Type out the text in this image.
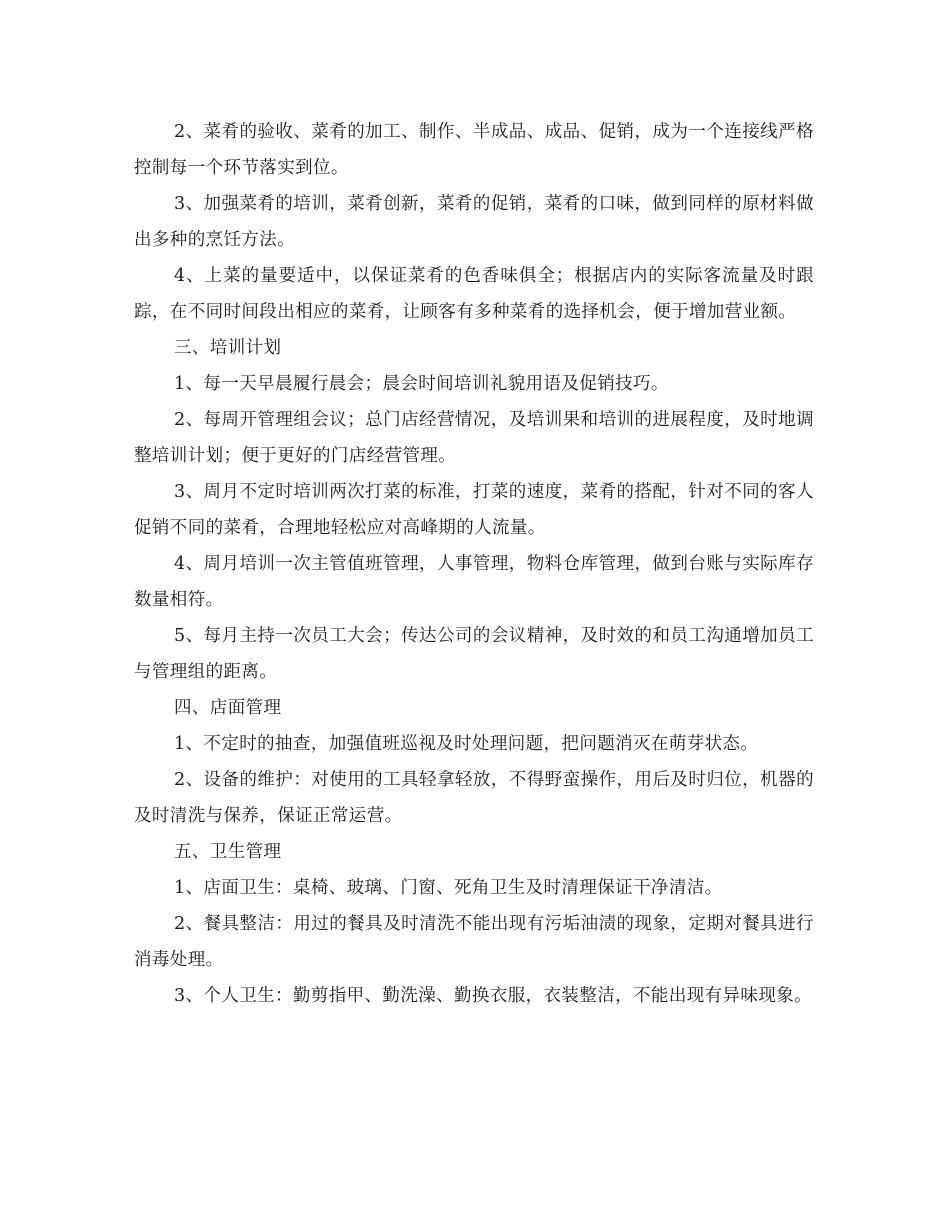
2、菜肴的验收、菜肴的加工、制作、半成品、成品、促销，成为一个连接线严格控制每一个环节落实到位。

3、加强菜肴的培训，菜肴创新，菜肴的促销，菜肴的口味，做到同样的原材料做出多种的烹饪方法。

4、上菜的量要适中，以保证菜肴的色香味俱全；根据店内的实际客流量及时跟踪，在不同时间段出相应的菜肴，让顾客有多种菜肴的选择机会，便于增加营业额。

三、培训计划

1、每一天早晨履行晨会；晨会时间培训礼貌用语及促销技巧。

2、每周开管理组会议；总门店经营情况，及培训果和培训的进展程度，及时地调整培训计划；便于更好的门店经营管理。

3、周月不定时培训两次打菜的标准，打菜的速度，菜肴的搭配，针对不同的客人促销不同的菜肴，合理地轻松应对高峰期的人流量。

4、周月培训一次主管值班管理，人事管理，物料仓库管理，做到台账与实际库存数量相符。

5、每月主持一次员工大会；传达公司的会议精神，及时效的和员工沟通增加员工与管理组的距离。

四、店面管理

1、不定时的抽查，加强值班巡视及时处理问题，把问题消灭在萌芽状态。

2、设备的维护：对使用的工具轻拿轻放，不得野蛮操作，用后及时归位，机器的及时清洗与保养，保证正常运营。

五、卫生管理

1、店面卫生：桌椅、玻璃、门窗、死角卫生及时清理保证干净清洁。

2、餐具整洁：用过的餐具及时清洗不能出现有污垢油渍的现象，定期对餐具进行消毒处理。

3、个人卫生：勤剪指甲、勤洗澡、勤换衣服，衣装整洁，不能出现有异味现象。
